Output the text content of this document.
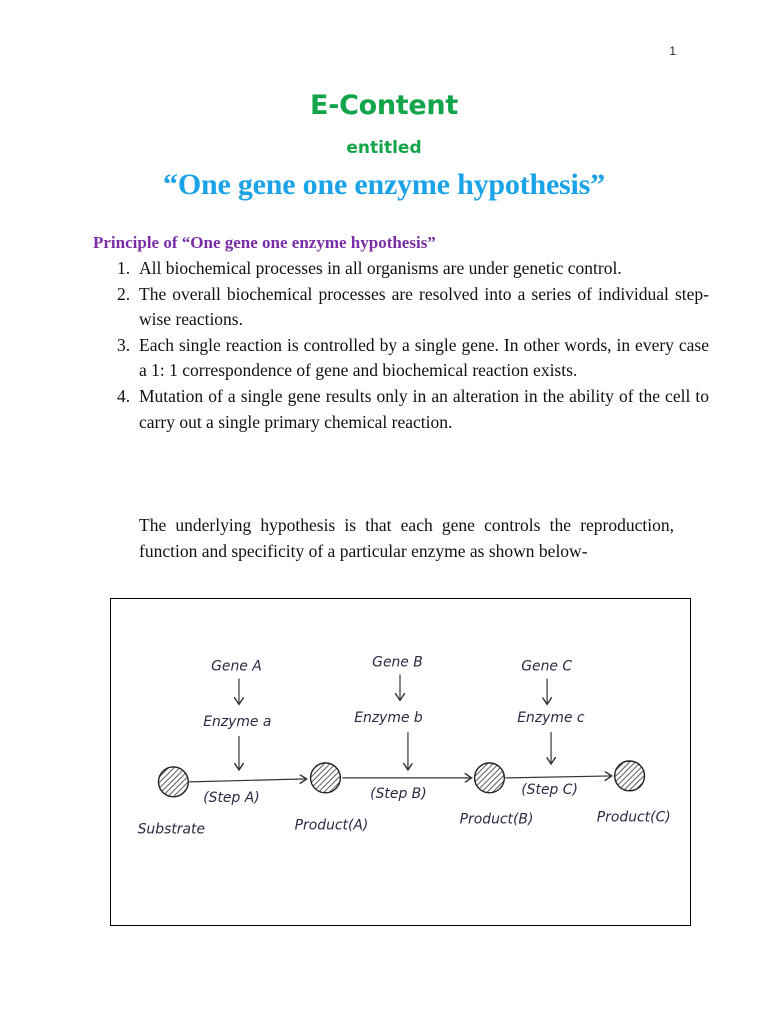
1
E-Content
entitled
“One gene one enzyme hypothesis”
Principle of “One gene one enzyme hypothesis”
1. All biochemical processes in all organisms are under genetic control.
2. The overall biochemical processes are resolved into a series of individual step-wise reactions.
3. Each single reaction is controlled by a single gene. In other words, in every case a 1: 1 correspondence of gene and biochemical reaction exists.
4. Mutation of a single gene results only in an alteration in the ability of the cell to carry out a single primary chemical reaction.
The underlying hypothesis is that each gene controls the reproduction, function and specificity of a particular enzyme as shown below-
Gene A	Gene B	Gene C
Enzyme a	Enzyme b	Enzyme c
(Step A)	(Step B)	(Step C)
Substrate	Product(A)	Product(B)	Product(C)
